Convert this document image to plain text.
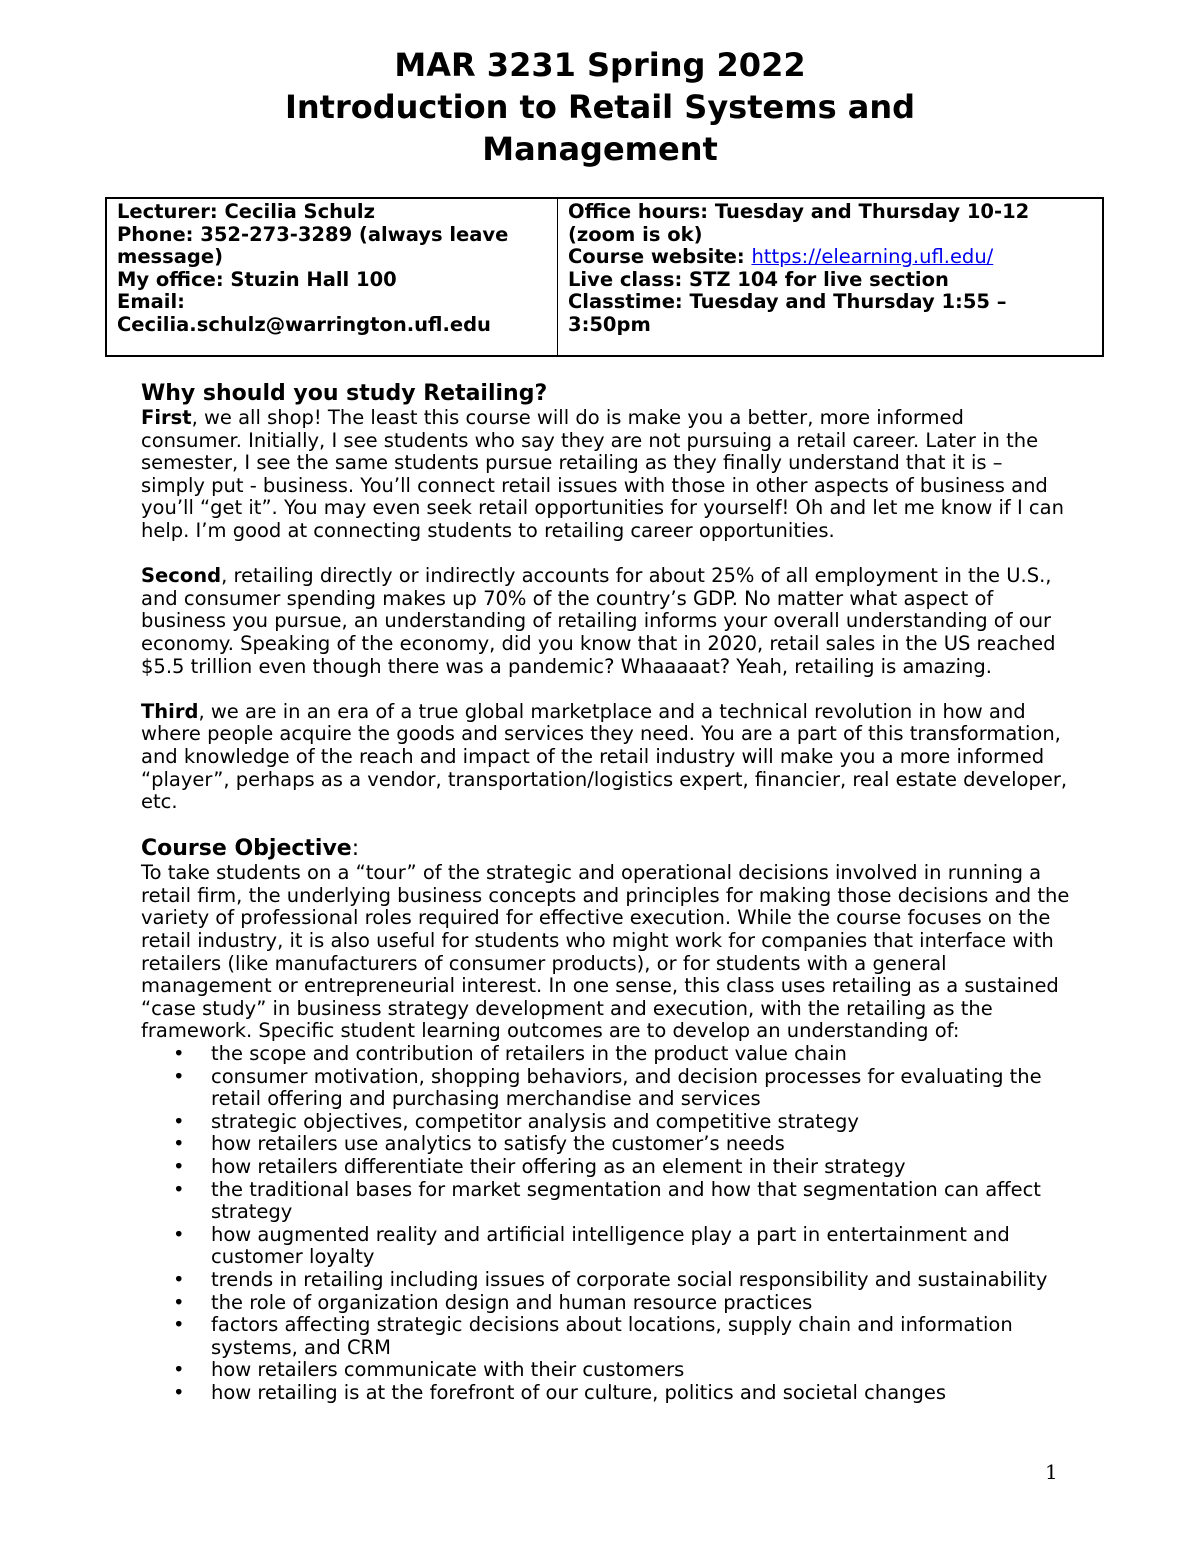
MAR 3231 Spring 2022
Introduction to Retail Systems and
Management
Lecturer: Cecilia Schulz
Phone: 352-273-3289 (always leave
message)
My office: Stuzin Hall 100
Email:
Cecilia.schulz@warrington.ufl.edu
Office hours: Tuesday and Thursday 10-12
(zoom is ok)
Course website: https://elearning.ufl.edu/
Live class: STZ 104 for live section
Classtime: Tuesday and Thursday 1:55 –
3:50pm
Why should you study Retailing?

First, we all shop! The least this course will do is make you a better, more informed consumer. Initially, I see students who say they are not pursuing a retail career. Later in the semester, I see the same students pursue retailing as they finally understand that it is – simply put - business. You’ll connect retail issues with those in other aspects of business and you’ll “get it”. You may even seek retail opportunities for yourself! Oh and let me know if I can help. I’m good at connecting students to retailing career opportunities.

Second, retailing directly or indirectly accounts for about 25% of all employment in the U.S., and consumer spending makes up 70% of the country’s GDP. No matter what aspect of business you pursue, an understanding of retailing informs your overall understanding of our economy. Speaking of the economy, did you know that in 2020, retail sales in the US reached $5.5 trillion even though there was a pandemic? Whaaaaat? Yeah, retailing is amazing.

Third, we are in an era of a true global marketplace and a technical revolution in how and where people acquire the goods and services they need. You are a part of this transformation, and knowledge of the reach and impact of the retail industry will make you a more informed “player”, perhaps as a vendor, transportation/logistics expert, financier, real estate developer, etc.

Course Objective:

To take students on a “tour” of the strategic and operational decisions involved in running a retail firm, the underlying business concepts and principles for making those decisions and the variety of professional roles required for effective execution. While the course focuses on the retail industry, it is also useful for students who might work for companies that interface with retailers (like manufacturers of consumer products), or for students with a general management or entrepreneurial interest. In one sense, this class uses retailing as a sustained “case study” in business strategy development and execution, with the retailing as the framework. Specific student learning outcomes are to develop an understanding of:

• the scope and contribution of retailers in the product value chain
• consumer motivation, shopping behaviors, and decision processes for evaluating the retail offering and purchasing merchandise and services
• strategic objectives, competitor analysis and competitive strategy
• how retailers use analytics to satisfy the customer’s needs
• how retailers differentiate their offering as an element in their strategy
• the traditional bases for market segmentation and how that segmentation can affect strategy
• how augmented reality and artificial intelligence play a part in entertainment and customer loyalty
• trends in retailing including issues of corporate social responsibility and sustainability
• the role of organization design and human resource practices
• factors affecting strategic decisions about locations, supply chain and information systems, and CRM
• how retailers communicate with their customers
• how retailing is at the forefront of our culture, politics and societal changes
1
